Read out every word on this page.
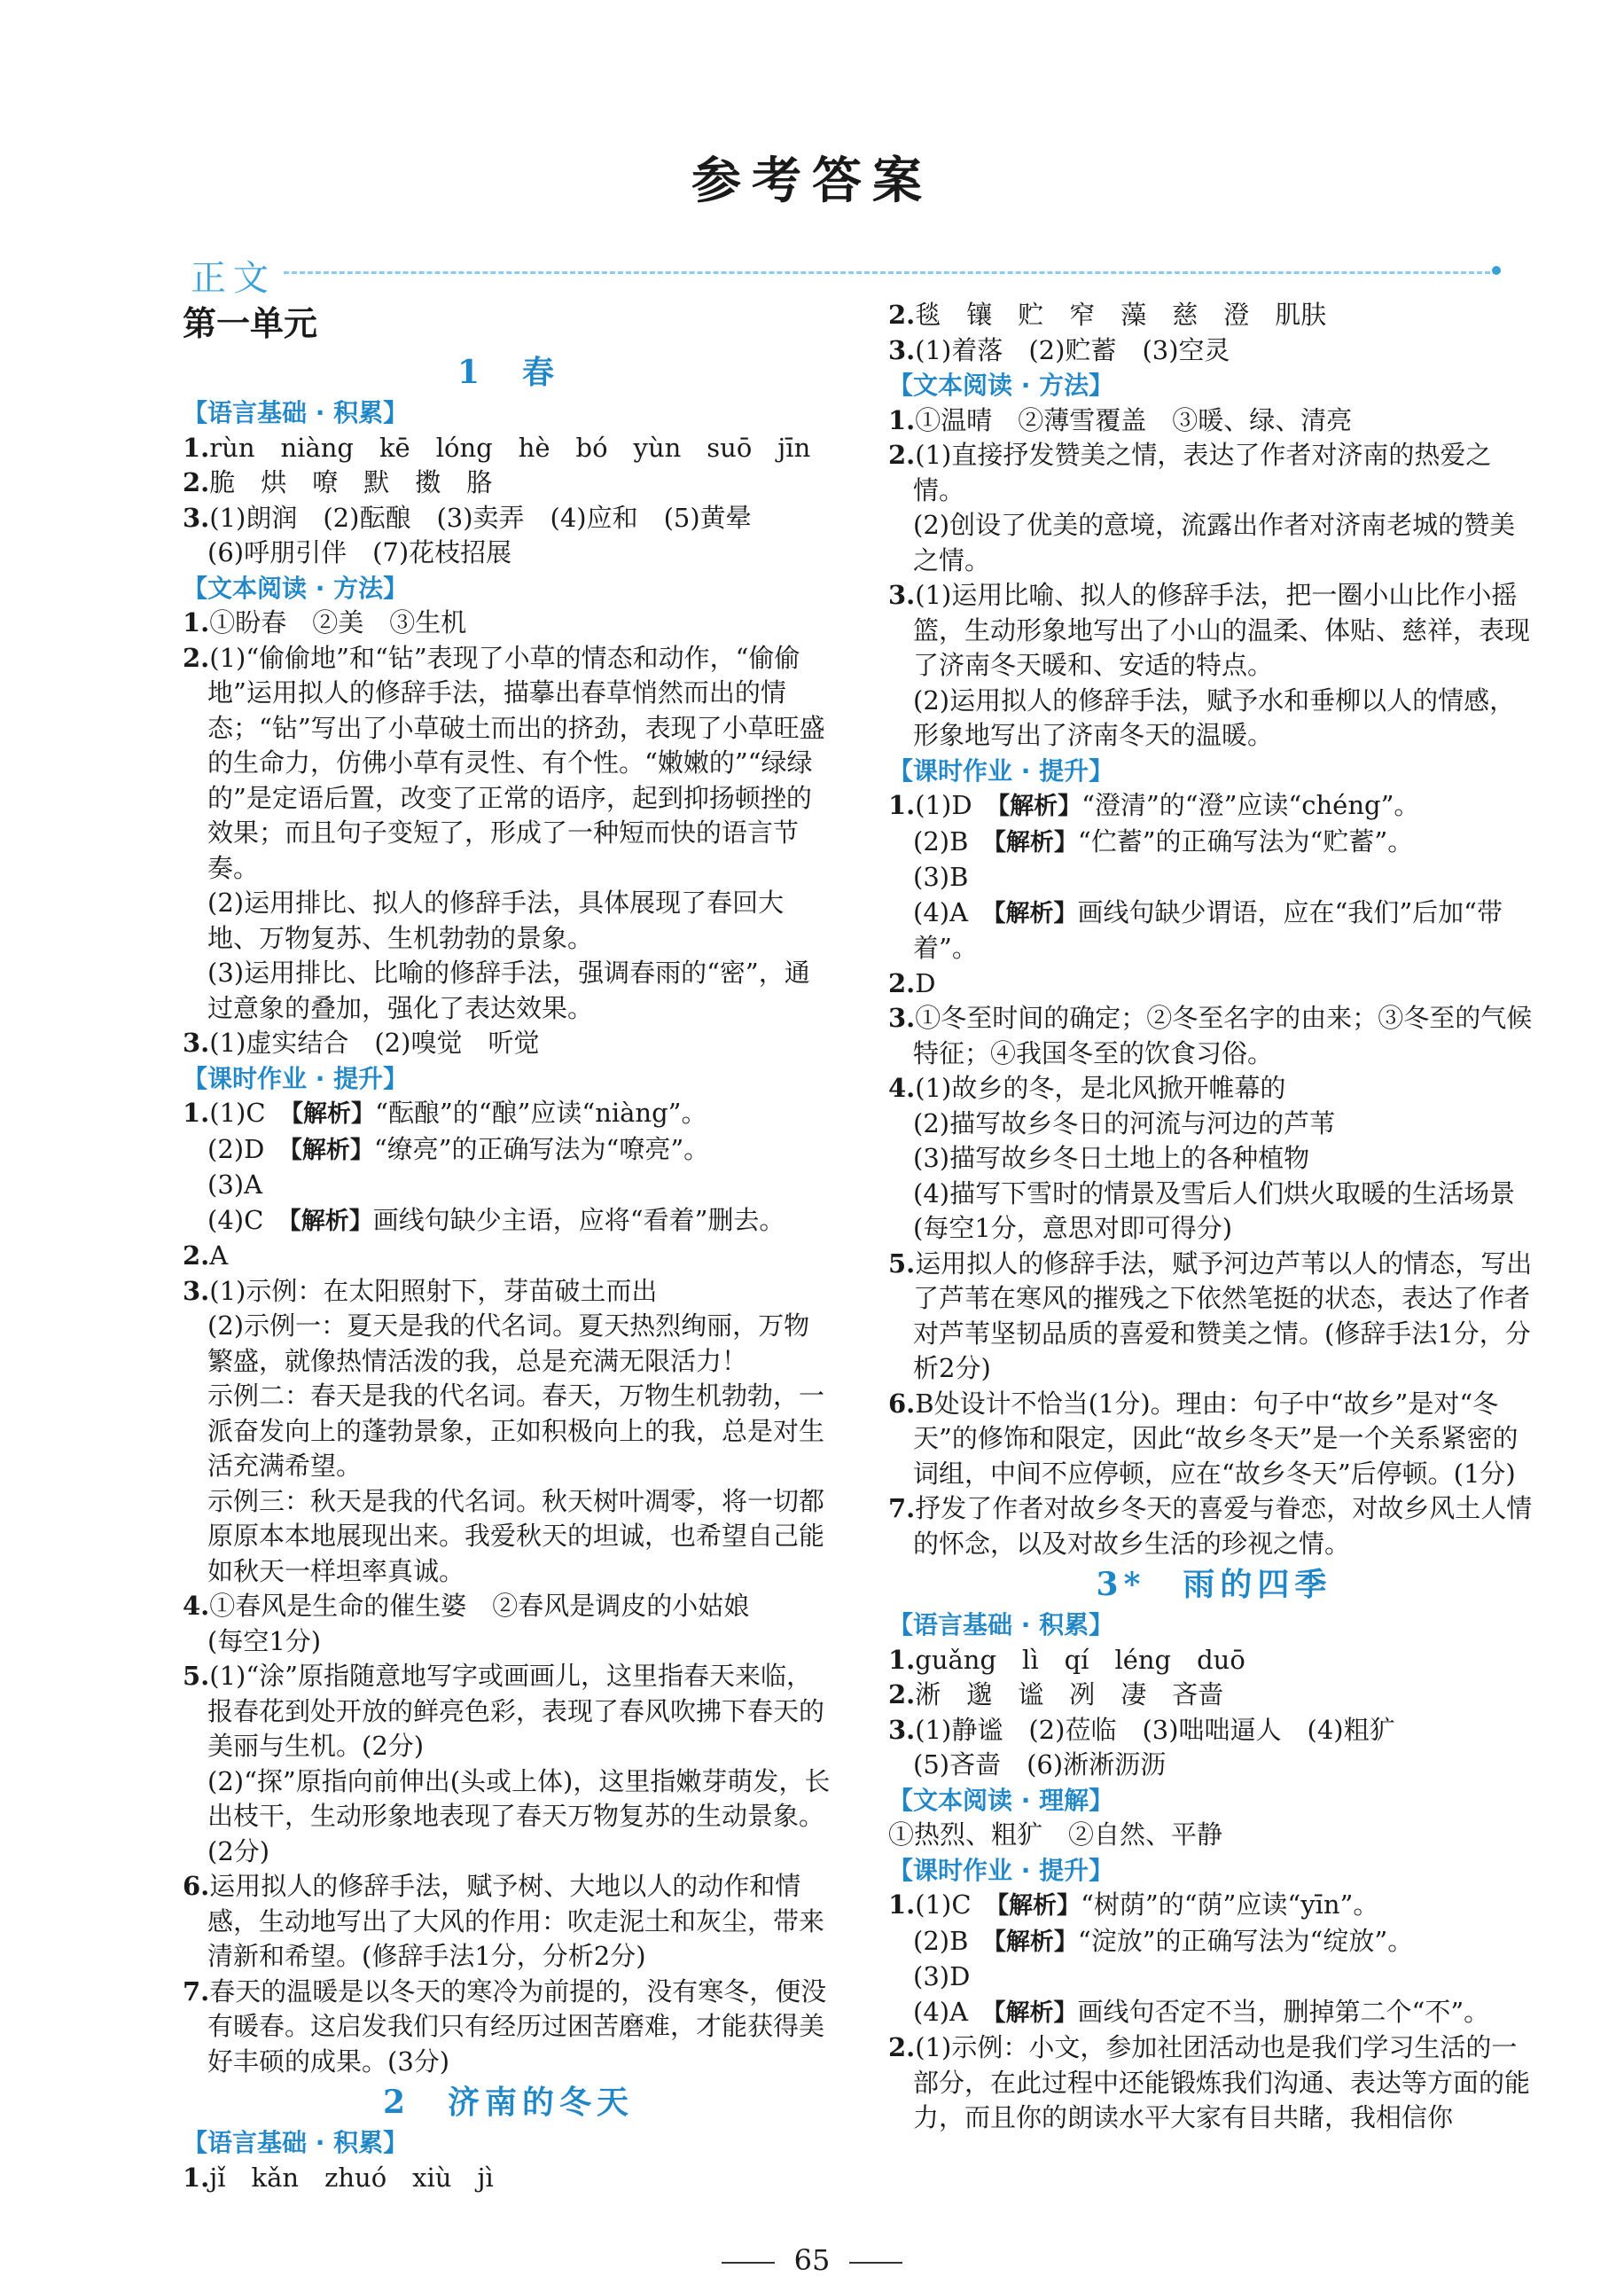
参考答案
正文

第一单元

1　春

【语言基础 · 积累】

1.rùn　niàng　kē　lóng　hè　bó　yùn　suō　jīn

2.脆　烘　嘹　默　擞　胳

3.(1)朗润　(2)酝酿　(3)卖弄　(4)应和　(5)黄晕

(6)呼朋引伴　(7)花枝招展

【文本阅读 · 方法】

1.①盼春　②美　③生机

2.(1)“偷偷地”和“钻”表现了小草的情态和动作，“偷偷地”运用拟人的修辞手法，描摹出春草悄然而出的情态；“钻”写出了小草破土而出的挤劲，表现了小草旺盛的生命力，仿佛小草有灵性、有个性。“嫩嫩的”“绿绿的”是定语后置，改变了正常的语序，起到抑扬顿挫的效果；而且句子变短了，形成了一种短而快的语言节奏。

(2)运用排比、拟人的修辞手法，具体展现了春回大地、万物复苏、生机勃勃的景象。

(3)运用排比、比喻的修辞手法，强调春雨的“密”，通过意象的叠加，强化了表达效果。

3.(1)虚实结合　(2)嗅觉　听觉

【课时作业 · 提升】

1.(1)C　【解析】“酝酿”的“酿”应读“niàng”。

(2)D　【解析】“缭亮”的正确写法为“嘹亮”。

(3)A

(4)C　【解析】画线句缺少主语，应将“看着”删去。

2.A

3.(1)示例：在太阳照射下，芽苗破土而出

(2)示例一：夏天是我的代名词。夏天热烈绚丽，万物繁盛，就像热情活泼的我，总是充满无限活力！

示例二：春天是我的代名词。春天，万物生机勃勃，一派奋发向上的蓬勃景象，正如积极向上的我，总是对生活充满希望。

示例三：秋天是我的代名词。秋天树叶凋零，将一切都原原本本地展现出来。我爱秋天的坦诚，也希望自己能如秋天一样坦率真诚。

4.①春风是生命的催生婆　②春风是调皮的小姑娘

(每空1分)

5.(1)“涂”原指随意地写字或画画儿，这里指春天来临，报春花到处开放的鲜亮色彩，表现了春风吹拂下春天的美丽与生机。(2分)

(2)“探”原指向前伸出(头或上体)，这里指嫩芽萌发，长出枝干，生动形象地表现了春天万物复苏的生动景象。(2分)

6.运用拟人的修辞手法，赋予树、大地以人的动作和情感，生动地写出了大风的作用：吹走泥土和灰尘，带来清新和希望。(修辞手法1分，分析2分)

7.春天的温暖是以冬天的寒冷为前提的，没有寒冬，便没有暖春。这启发我们只有经历过困苦磨难，才能获得美好丰硕的成果。(3分)

2　济南的冬天

【语言基础 · 积累】

1.jǐ　kǎn　zhuó　xiù　jì

2.毯　镶　贮　窄　藻　慈　澄　肌肤

3.(1)着落　(2)贮蓄　(3)空灵

【文本阅读 · 方法】

1.①温晴　②薄雪覆盖　③暖、绿、清亮

2.(1)直接抒发赞美之情，表达了作者对济南的热爱之情。

(2)创设了优美的意境，流露出作者对济南老城的赞美之情。

3.(1)运用比喻、拟人的修辞手法，把一圈小山比作小摇篮，生动形象地写出了小山的温柔、体贴、慈祥，表现了济南冬天暖和、安适的特点。

(2)运用拟人的修辞手法，赋予水和垂柳以人的情感，形象地写出了济南冬天的温暖。

【课时作业 · 提升】

1.(1)D　【解析】“澄清”的“澄”应读“chéng”。

(2)B　【解析】“伫蓄”的正确写法为“贮蓄”。

(3)B

(4)A　【解析】画线句缺少谓语，应在“我们”后加“带着”。

2.D

3.①冬至时间的确定；②冬至名字的由来；③冬至的气候特征；④我国冬至的饮食习俗。

4.(1)故乡的冬，是北风掀开帷幕的

(2)描写故乡冬日的河流与河边的芦苇

(3)描写故乡冬日土地上的各种植物

(4)描写下雪时的情景及雪后人们烘火取暖的生活场景(每空1分，意思对即可得分)

5.运用拟人的修辞手法，赋予河边芦苇以人的情态，写出了芦苇在寒风的摧残之下依然笔挺的状态，表达了作者对芦苇坚韧品质的喜爱和赞美之情。(修辞手法1分，分析2分)

6.B处设计不恰当(1分)。理由：句子中“故乡”是对“冬天”的修饰和限定，因此“故乡冬天”是一个关系紧密的词组，中间不应停顿，应在“故乡冬天”后停顿。(1分)

7.抒发了作者对故乡冬天的喜爱与眷恋，对故乡风土人情的怀念，以及对故乡生活的珍视之情。

3*　雨的四季

【语言基础 · 积累】

1.guǎng　lì　qí　léng　duō

2.淅　邈　谧　冽　凄　吝啬

3.(1)静谧　(2)莅临　(3)咄咄逼人　(4)粗犷

(5)吝啬　(6)淅淅沥沥

【文本阅读 · 理解】

①热烈、粗犷　②自然、平静

【课时作业 · 提升】

1.(1)C　【解析】“树荫”的“荫”应读“yīn”。

(2)B　【解析】“淀放”的正确写法为“绽放”。

(3)D

(4)A　【解析】画线句否定不当，删掉第二个“不”。

2.(1)示例：小文，参加社团活动也是我们学习生活的一部分，在此过程中还能锻炼我们沟通、表达等方面的能力，而且你的朗读水平大家有目共睹，我相信你

65
